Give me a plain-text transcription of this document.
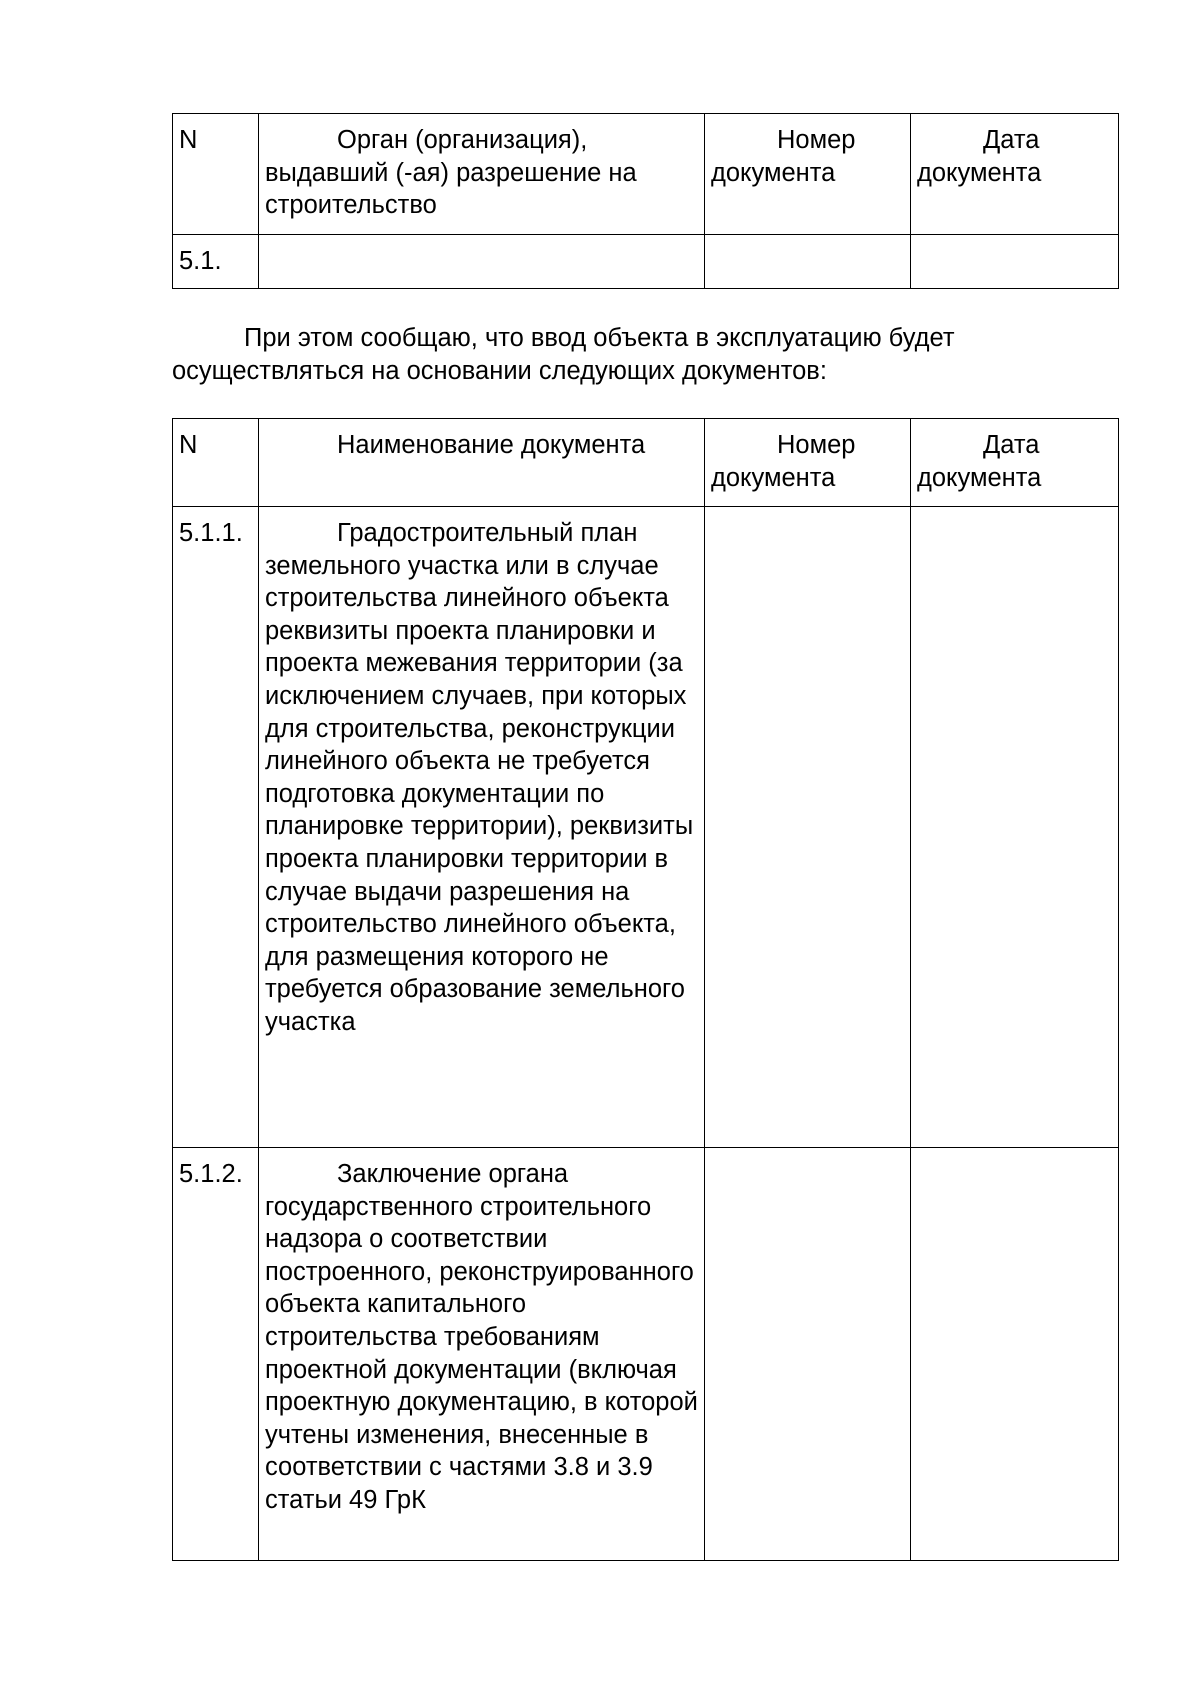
N	Орган (организация), выдавший (-ая) разрешение на строительство	Номер документа	Дата документа

5.1.			

При этом сообщаю, что ввод объекта в эксплуатацию будет осуществляться на основании следующих документов:

N	Наименование документа	Номер документа	Дата документа

5.1.1.	Градостроительный план земельного участка или в случае строительства линейного объекта реквизиты проекта планировки и проекта межевания территории (за исключением случаев, при которых для строительства, реконструкции линейного объекта не требуется подготовка документации по планировке территории), реквизиты проекта планировки территории в случае выдачи разрешения на строительство линейного объекта, для размещения которого не требуется образование земельного участка		

5.1.2.	Заключение органа государственного строительного надзора о соответствии построенного, реконструированного объекта капитального строительства требованиям проектной документации (включая проектную документацию, в которой учтены изменения, внесенные в соответствии с частями 3.8 и 3.9 статьи 49 ГрК		
